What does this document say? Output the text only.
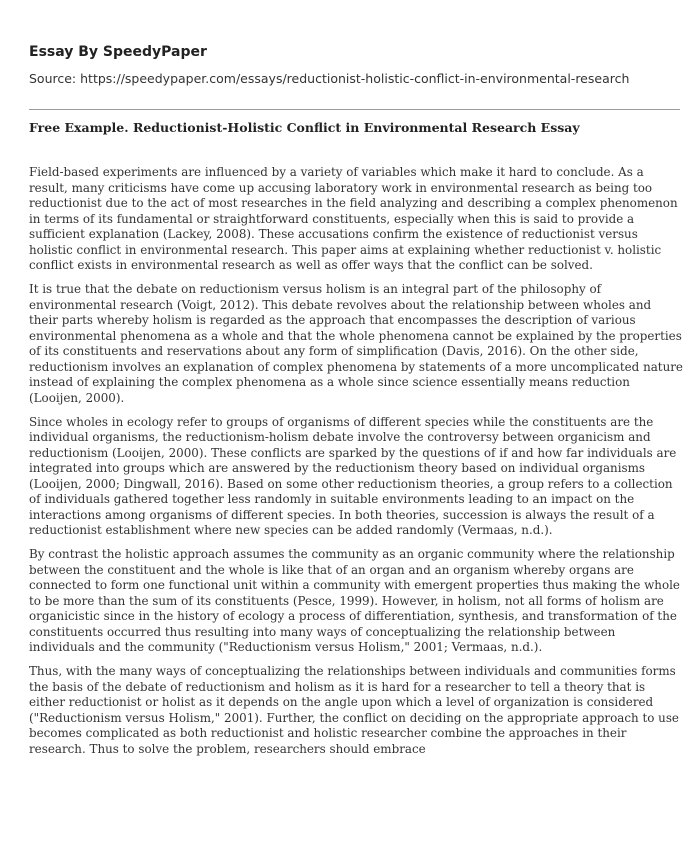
Essay By SpeedyPaper
Source: https://speedypaper.com/essays/reductionist-holistic-conflict-in-environmental-research
Free Example. Reductionist-Holistic Conflict in Environmental Research Essay

Field-based experiments are influenced by a variety of variables which make it hard to conclude. As a result, many criticisms have come up accusing laboratory work in environmental research as being too reductionist due to the act of most researches in the field analyzing and describing a complex phenomenon in terms of its fundamental or straightforward constituents, especially when this is said to provide a sufficient explanation (Lackey, 2008). These accusations confirm the existence of reductionist versus holistic conflict in environmental research. This paper aims at explaining whether reductionist v. holistic conflict exists in environmental research as well as offer ways that the conflict can be solved.

It is true that the debate on reductionism versus holism is an integral part of the philosophy of environmental research (Voigt, 2012). This debate revolves about the relationship between wholes and their parts whereby holism is regarded as the approach that encompasses the description of various environmental phenomena as a whole and that the whole phenomena cannot be explained by the properties of its constituents and reservations about any form of simplification (Davis, 2016). On the other side, reductionism involves an explanation of complex phenomena by statements of a more uncomplicated nature instead of explaining the complex phenomena as a whole since science essentially means reduction (Looijen, 2000).

Since wholes in ecology refer to groups of organisms of different species while the constituents are the individual organisms, the reductionism-holism debate involve the controversy between organicism and reductionism (Looijen, 2000). These conflicts are sparked by the questions of if and how far individuals are integrated into groups which are answered by the reductionism theory based on individual organisms (Looijen, 2000; Dingwall, 2016). Based on some other reductionism theories, a group refers to a collection of individuals gathered together less randomly in suitable environments leading to an impact on the interactions among organisms of different species. In both theories, succession is always the result of a reductionist establishment where new species can be added randomly (Vermaas, n.d.).

By contrast the holistic approach assumes the community as an organic community where the relationship between the constituent and the whole is like that of an organ and an organism whereby organs are connected to form one functional unit within a community with emergent properties thus making the whole to be more than the sum of its constituents (Pesce, 1999). However, in holism, not all forms of holism are organicistic since in the history of ecology a process of differentiation, synthesis, and transformation of the constituents occurred thus resulting into many ways of conceptualizing the relationship between individuals and the community ("Reductionism versus Holism," 2001; Vermaas, n.d.).

Thus, with the many ways of conceptualizing the relationships between individuals and communities forms the basis of the debate of reductionism and holism as it is hard for a researcher to tell a theory that is either reductionist or holist as it depends on the angle upon which a level of organization is considered ("Reductionism versus Holism," 2001). Further, the conflict on deciding on the appropriate approach to use becomes complicated as both reductionist and holistic researcher combine the approaches in their research. Thus to solve the problem, researchers should embrace
